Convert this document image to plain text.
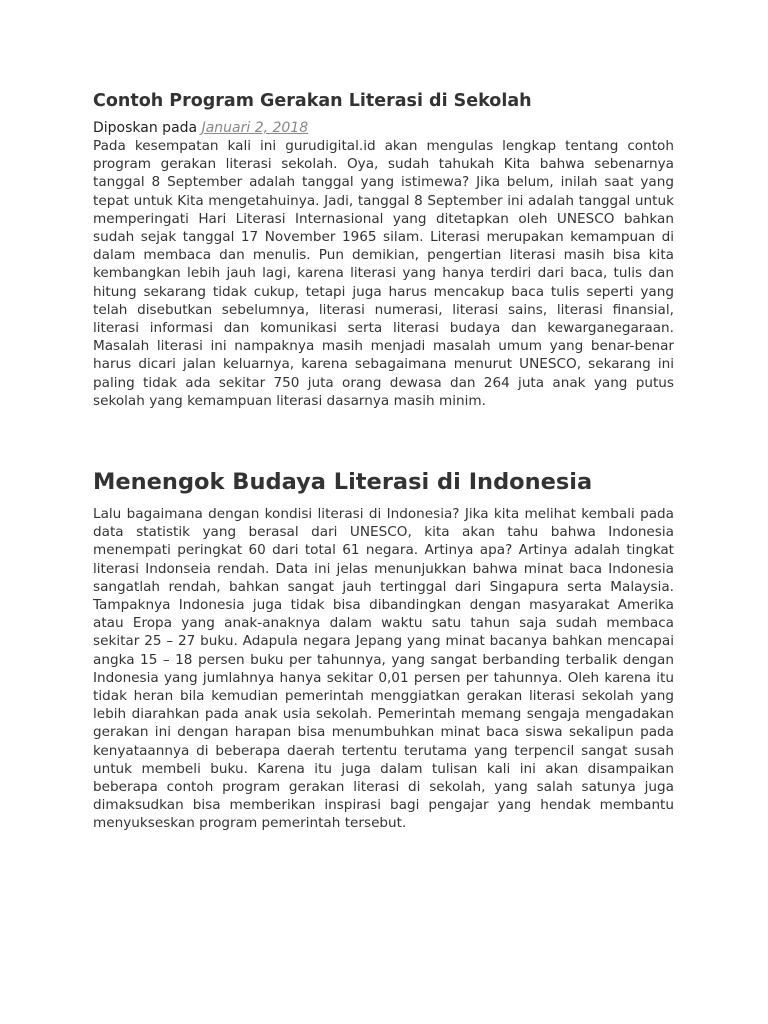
Contoh Program Gerakan Literasi di Sekolah
Diposkan pada Januari 2, 2018

Pada kesempatan kali ini gurudigital.id akan mengulas lengkap tentang contoh program gerakan literasi sekolah. Oya, sudah tahukah Kita bahwa sebenarnya tanggal 8 September adalah tanggal yang istimewa? Jika belum, inilah saat yang tepat untuk Kita mengetahuinya. Jadi, tanggal 8 September ini adalah tanggal untuk memperingati Hari Literasi Internasional yang ditetapkan oleh UNESCO bahkan sudah sejak tanggal 17 November 1965 silam. Literasi merupakan kemampuan di dalam membaca dan menulis. Pun demikian, pengertian literasi masih bisa kita kembangkan lebih jauh lagi, karena literasi yang hanya terdiri dari baca, tulis dan hitung sekarang tidak cukup, tetapi juga harus mencakup baca tulis seperti yang telah disebutkan sebelumnya, literasi numerasi, literasi sains, literasi finansial, literasi informasi dan komunikasi serta literasi budaya dan kewarganegaraan. Masalah literasi ini nampaknya masih menjadi masalah umum yang benar-benar harus dicari jalan keluarnya, karena sebagaimana menurut UNESCO, sekarang ini paling tidak ada sekitar 750 juta orang dewasa dan 264 juta anak yang putus sekolah yang kemampuan literasi dasarnya masih minim.

Menengok Budaya Literasi di Indonesia

Lalu bagaimana dengan kondisi literasi di Indonesia? Jika kita melihat kembali pada data statistik yang berasal dari UNESCO, kita akan tahu bahwa Indonesia menempati peringkat 60 dari total 61 negara. Artinya apa? Artinya adalah tingkat literasi Indonseia rendah. Data ini jelas menunjukkan bahwa minat baca Indonesia sangatlah rendah, bahkan sangat jauh tertinggal dari Singapura serta Malaysia. Tampaknya Indonesia juga tidak bisa dibandingkan dengan masyarakat Amerika atau Eropa yang anak-anaknya dalam waktu satu tahun saja sudah membaca sekitar 25 – 27 buku. Adapula negara Jepang yang minat bacanya bahkan mencapai angka 15 – 18 persen buku per tahunnya, yang sangat berbanding terbalik dengan Indonesia yang jumlahnya hanya sekitar 0,01 persen per tahunnya. Oleh karena itu tidak heran bila kemudian pemerintah menggiatkan gerakan literasi sekolah yang lebih diarahkan pada anak usia sekolah. Pemerintah memang sengaja mengadakan gerakan ini dengan harapan bisa menumbuhkan minat baca siswa sekalipun pada kenyataannya di beberapa daerah tertentu terutama yang terpencil sangat susah untuk membeli buku. Karena itu juga dalam tulisan kali ini akan disampaikan beberapa contoh program gerakan literasi di sekolah, yang salah satunya juga dimaksudkan bisa memberikan inspirasi bagi pengajar yang hendak membantu menyukseskan program pemerintah tersebut.
